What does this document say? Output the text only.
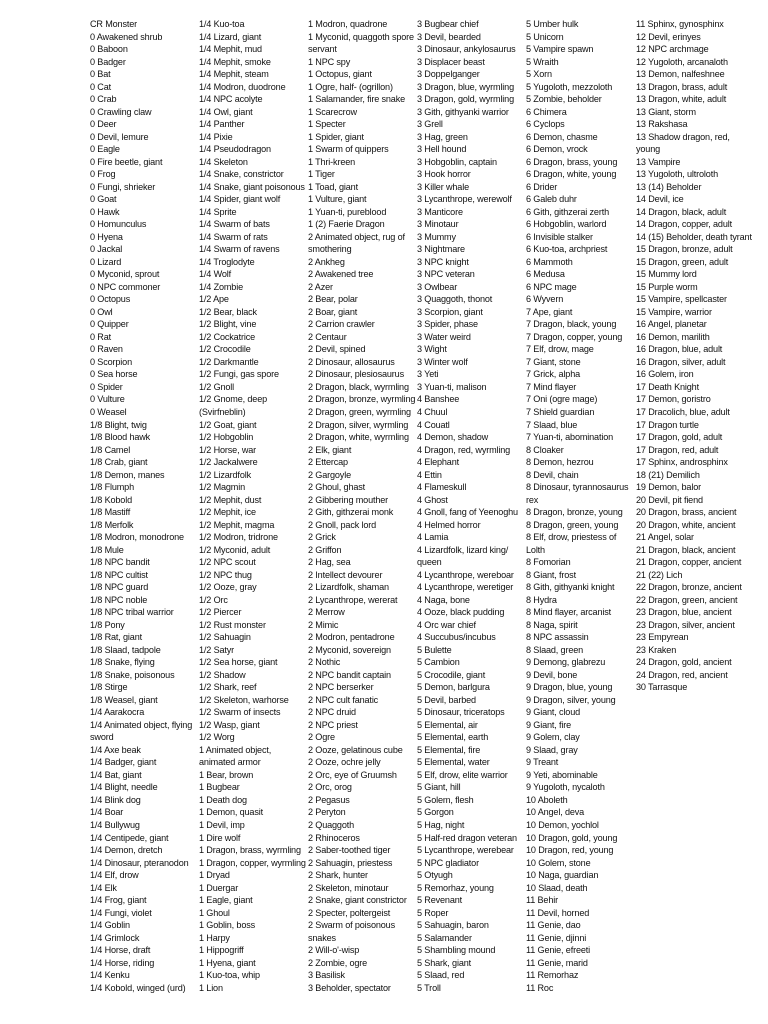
CR Monster
0 Awakened shrub
0 Baboon
0 Badger
0 Bat
0 Cat
0 Crab
0 Crawling claw
0 Deer
0 Devil, lemure
0 Eagle
0 Fire beetle, giant
0 Frog
0 Fungi, shrieker
0 Goat
0 Hawk
0 Homunculus
0 Hyena
0 Jackal
0 Lizard
0 Myconid, sprout
0 NPC commoner
0 Octopus
0 Owl
0 Quipper
0 Rat
0 Raven
0 Scorpion
0 Sea horse
0 Spider
0 Vulture
0 Weasel
1/8 Blight, twig
1/8 Blood hawk
1/8 Camel
1/8 Crab, giant
1/8 Demon, manes
1/8 Flumph
1/8 Kobold
1/8 Mastiff
1/8 Merfolk
1/8 Modron, monodrone
1/8 Mule
1/8 NPC bandit
1/8 NPC cultist
1/8 NPC guard
1/8 NPC noble
1/8 NPC tribal warrior
1/8 Pony
1/8 Rat, giant
1/8 Slaad, tadpole
1/8 Snake, flying
1/8 Snake, poisonous
1/8 Stirge
1/8 Weasel, giant
1/4 Aarakocra
1/4 Animated object, flying sword
1/4 Axe beak
1/4 Badger, giant
1/4 Bat, giant
1/4 Blight, needle
1/4 Blink dog
1/4 Boar
1/4 Bullywug
1/4 Centipede, giant
1/4 Demon, dretch
1/4 Dinosaur, pteranodon
1/4 Elf, drow
1/4 Elk
1/4 Frog, giant
1/4 Fungi, violet
1/4 Goblin
1/4 Grimlock
1/4 Horse, draft
1/4 Horse, riding
1/4 Kenku
1/4 Kobold, winged (urd)
1/4 Kuo-toa
1/4 Lizard, giant
1/4 Mephit, mud
1/4 Mephit, smoke
1/4 Mephit, steam
1/4 Modron, duodrone
1/4 NPC acolyte
1/4 Owl, giant
1/4 Panther
1/4 Pixie
1/4 Pseudodragon
1/4 Skeleton
1/4 Snake, constrictor
1/4 Snake, giant poisonous
1/4 Spider, giant wolf
1/4 Sprite
1/4 Swarm of bats
1/4 Swarm of rats
1/4 Swarm of ravens
1/4 Troglodyte
1/4 Wolf
1/4 Zombie
1/2 Ape
1/2 Bear, black
1/2 Blight, vine
1/2 Cockatrice
1/2 Crocodile
1/2 Darkmantle
1/2 Fungi, gas spore
1/2 Gnoll
1/2 Gnome, deep (Svirfneblin)
1/2 Goat, giant
1/2 Hobgoblin
1/2 Horse, war
1/2 Jackalwere
1/2 Lizardfolk
1/2 Magmin
1/2 Mephit, dust
1/2 Mephit, ice
1/2 Mephit, magma
1/2 Modron, tridrone
1/2 Myconid, adult
1/2 NPC scout
1/2 NPC thug
1/2 Ooze, gray
1/2 Orc
1/2 Piercer
1/2 Rust monster
1/2 Sahuagin
1/2 Satyr
1/2 Sea horse, giant
1/2 Shadow
1/2 Shark, reef
1/2 Skeleton, warhorse
1/2 Swarm of insects
1/2 Wasp, giant
1/2 Worg
1 Animated object, animated armor
1 Bear, brown
1 Bugbear
1 Death dog
1 Demon, quasit
1 Devil, imp
1 Dire wolf
1 Dragon, brass, wyrmling
1 Dragon, copper, wyrmling
1 Dryad
1 Duergar
1 Eagle, giant
1 Ghoul
1 Goblin, boss
1 Harpy
1 Hippogriff
1 Hyena, giant
1 Kuo-toa, whip
1 Lion
1 Modron, quadrone
1 Myconid, quaggoth spore servant
1 NPC spy
1 Octopus, giant
1 Ogre, half- (ogrillon)
1 Salamander, fire snake
1 Scarecrow
1 Specter
1 Spider, giant
1 Swarm of quippers
1 Thri-kreen
1 Tiger
1 Toad, giant
1 Vulture, giant
1 Yuan-ti, pureblood
1 (2) Faerie Dragon
2 Animated object, rug of smothering
2 Ankheg
2 Awakened tree
2 Azer
2 Bear, polar
2 Boar, giant
2 Carrion crawler
2 Centaur
2 Devil, spined
2 Dinosaur, allosaurus
2 Dinosaur, plesiosaurus
2 Dragon, black, wyrmling
2 Dragon, bronze, wyrmling
2 Dragon, green, wyrmling
2 Dragon, silver, wyrmling
2 Dragon, white, wyrmling
2 Elk, giant
2 Ettercap
2 Gargoyle
2 Ghoul, ghast
2 Gibbering mouther
2 Gith, githzerai monk
2 Gnoll, pack lord
2 Grick
2 Griffon
2 Hag, sea
2 Intellect devourer
2 Lizardfolk, shaman
2 Lycanthrope, wererat
2 Merrow
2 Mimic
2 Modron, pentadrone
2 Myconid, sovereign
2 Nothic
2 NPC bandit captain
2 NPC berserker
2 NPC cult fanatic
2 NPC druid
2 NPC priest
2 Ogre
2 Ooze, gelatinous cube
2 Ooze, ochre jelly
2 Orc, eye of Gruumsh
2 Orc, orog
2 Pegasus
2 Peryton
2 Quaggoth
2 Rhinoceros
2 Saber-toothed tiger
2 Sahuagin, priestess
2 Shark, hunter
2 Skeleton, minotaur
2 Snake, giant constrictor
2 Specter, poltergeist
2 Swarm of poisonous snakes
2 Will-o'-wisp
2 Zombie, ogre
3 Basilisk
3 Beholder, spectator
3 Bugbear chief
3 Devil, bearded
3 Dinosaur, ankylosaurus
3 Displacer beast
3 Doppelganger
3 Dragon, blue, wyrmling
3 Dragon, gold, wyrmling
3 Gith, githyanki warrior
3 Grell
3 Hag, green
3 Hell hound
3 Hobgoblin, captain
3 Hook horror
3 Killer whale
3 Lycanthrope, werewolf
3 Manticore
3 Minotaur
3 Mummy
3 Nightmare
3 NPC knight
3 NPC veteran
3 Owlbear
3 Quaggoth, thonot
3 Scorpion, giant
3 Spider, phase
3 Water weird
3 Wight
3 Winter wolf
3 Yeti
3 Yuan-ti, malison
4 Banshee
4 Chuul
4 Couatl
4 Demon, shadow
4 Dragon, red, wyrmling
4 Elephant
4 Ettin
4 Flameskull
4 Ghost
4 Gnoll, fang of Yeenoghu
4 Helmed horror
4 Lamia
4 Lizardfolk, lizard king/ queen
4 Lycanthrope, wereboar
4 Lycanthrope, weretiger
4 Naga, bone
4 Ooze, black pudding
4 Orc war chief
4 Succubus/incubus
5 Bulette
5 Cambion
5 Crocodile, giant
5 Demon, barlgura
5 Devil, barbed
5 Dinosaur, triceratops
5 Elemental, air
5 Elemental, earth
5 Elemental, fire
5 Elemental, water
5 Elf, drow, elite warrior
5 Giant, hill
5 Golem, flesh
5 Gorgon
5 Hag, night
5 Half-red dragon veteran
5 Lycanthrope, werebear
5 NPC gladiator
5 Otyugh
5 Remorhaz, young
5 Revenant
5 Roper
5 Sahuagin, baron
5 Salamander
5 Shambling mound
5 Shark, giant
5 Slaad, red
5 Troll
5 Umber hulk
5 Unicorn
5 Vampire spawn
5 Wraith
5 Xorn
5 Yugoloth, mezzoloth
5 Zombie, beholder
6 Chimera
6 Cyclops
6 Demon, chasme
6 Demon, vrock
6 Dragon, brass, young
6 Dragon, white, young
6 Drider
6 Galeb duhr
6 Gith, githzerai zerth
6 Hobgoblin, warlord
6 Invisible stalker
6 Kuo-toa, archpriest
6 Mammoth
6 Medusa
6 NPC mage
6 Wyvern
7 Ape, giant
7 Dragon, black, young
7 Dragon, copper, young
7 Elf, drow, mage
7 Giant, stone
7 Grick, alpha
7 Mind flayer
7 Oni (ogre mage)
7 Shield guardian
7 Slaad, blue
7 Yuan-ti, abomination
8 Cloaker
8 Demon, hezrou
8 Devil, chain
8 Dinosaur, tyrannosaurus rex
8 Dragon, bronze, young
8 Dragon, green, young
8 Elf, drow, priestess of Lolth
8 Fomorian
8 Giant, frost
8 Gith, githyanki knight
8 Hydra
8 Mind flayer, arcanist
8 Naga, spirit
8 NPC assassin
8 Slaad, green
9 Demong, glabrezu
9 Devil, bone
9 Dragon, blue, young
9 Dragon, silver, young
9 Giant, cloud
9 Giant, fire
9 Golem, clay
9 Slaad, gray
9 Treant
9 Yeti, abominable
9 Yugoloth, nycaloth
10 Aboleth
10 Angel, deva
10 Demon, yochlol
10 Dragon, gold, young
10 Dragon, red, young
10 Golem, stone
10 Naga, guardian
10 Slaad, death
11 Behir
11 Devil, horned
11 Genie, dao
11 Genie, djinni
11 Genie, efreeti
11 Genie, marid
11 Remorhaz
11 Roc
11 Sphinx, gynosphinx
12 Devil, erinyes
12 NPC archmage
12 Yugoloth, arcanaloth
13 Demon, nalfeshnee
13 Dragon, brass, adult
13 Dragon, white, adult
13 Giant, storm
13 Rakshasa
13 Shadow dragon, red, young
13 Vampire
13 Yugoloth, ultroloth
13 (14) Beholder
14 Devil, ice
14 Dragon, black, adult
14 Dragon, copper, adult
14 (15) Beholder, death tyrant
15 Dragon, bronze, adult
15 Dragon, green, adult
15 Mummy lord
15 Purple worm
15 Vampire, spellcaster
15 Vampire, warrior
16 Angel, planetar
16 Demon, marilith
16 Dragon, blue, adult
16 Dragon, silver, adult
16 Golem, iron
17 Death Knight
17 Demon, goristro
17 Dracolich, blue, adult
17 Dragon turtle
17 Dragon, gold, adult
17 Dragon, red, adult
17 Sphinx, androsphinx
18 (21) Demilich
19 Demon, balor
20 Devil, pit fiend
20 Dragon, brass, ancient
20 Dragon, white, ancient
21 Angel, solar
21 Dragon, black, ancient
21 Dragon, copper, ancient
21 (22) Lich
22 Dragon, bronze, ancient
22 Dragon, green, ancient
23 Dragon, blue, ancient
23 Dragon, silver, ancient
23 Empyrean
23 Kraken
24 Dragon, gold, ancient
24 Dragon, red, ancient
30 Tarrasque
